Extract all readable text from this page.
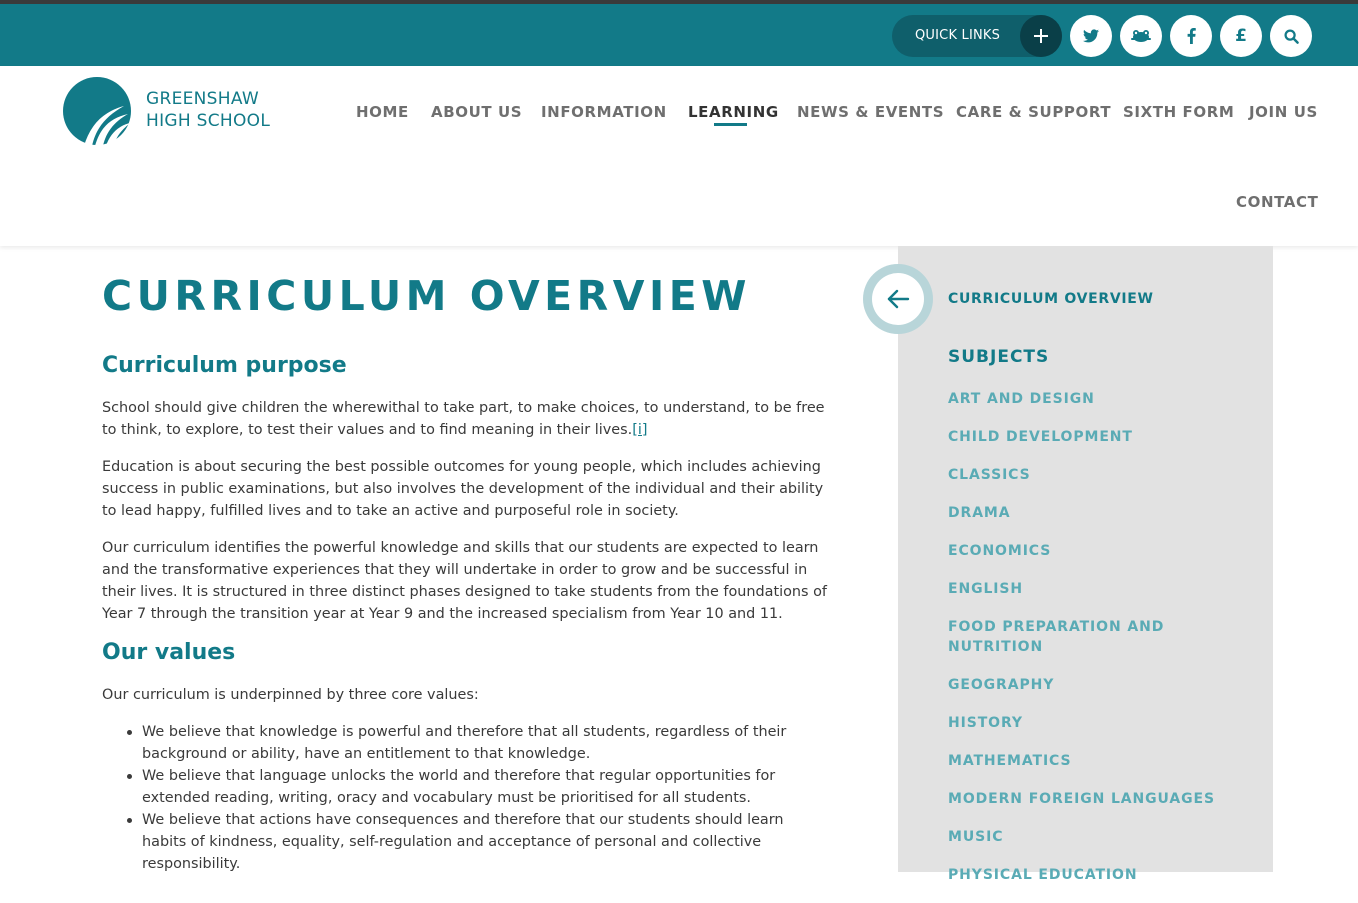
QUICK LINKS	£
GREENSHAW
HIGH SCHOOL	HOME ABOUT US INFORMATION LEARNING NEWS & EVENTS CARE & SUPPORT SIXTH FORM JOIN US
CONTACT
CURRICULUM OVERVIEW
Curriculum purpose

School should give children the wherewithal to take part, to make choices, to understand, to be free to think, to explore, to test their values and to find meaning in their lives.[i]

Education is about securing the best possible outcomes for young people, which includes achieving success in public examinations, but also involves the development of the individual and their ability to lead happy, fulfilled lives and to take an active and purposeful role in society.

Our curriculum identifies the powerful knowledge and skills that our students are expected to learn and the transformative experiences that they will undertake in order to grow and be successful in their lives. It is structured in three distinct phases designed to take students from the foundations of Year 7 through the transition year at Year 9 and the increased specialism from Year 10 and 11.

Our values

Our curriculum is underpinned by three core values:

We believe that knowledge is powerful and therefore that all students, regardless of their background or ability, have an entitlement to that knowledge.
We believe that language unlocks the world and therefore that regular opportunities for extended reading, writing, oracy and vocabulary must be prioritised for all students.
We believe that actions have consequences and therefore that our students should learn habits of kindness, equality, self-regulation and acceptance of personal and collective responsibility.
CURRICULUM OVERVIEW
SUBJECTS
ART AND DESIGN
CHILD DEVELOPMENT
CLASSICS
DRAMA
ECONOMICS
ENGLISH
FOOD PREPARATION AND NUTRITION
GEOGRAPHY
HISTORY
MATHEMATICS
MODERN FOREIGN LANGUAGES
MUSIC
PHYSICAL EDUCATION
